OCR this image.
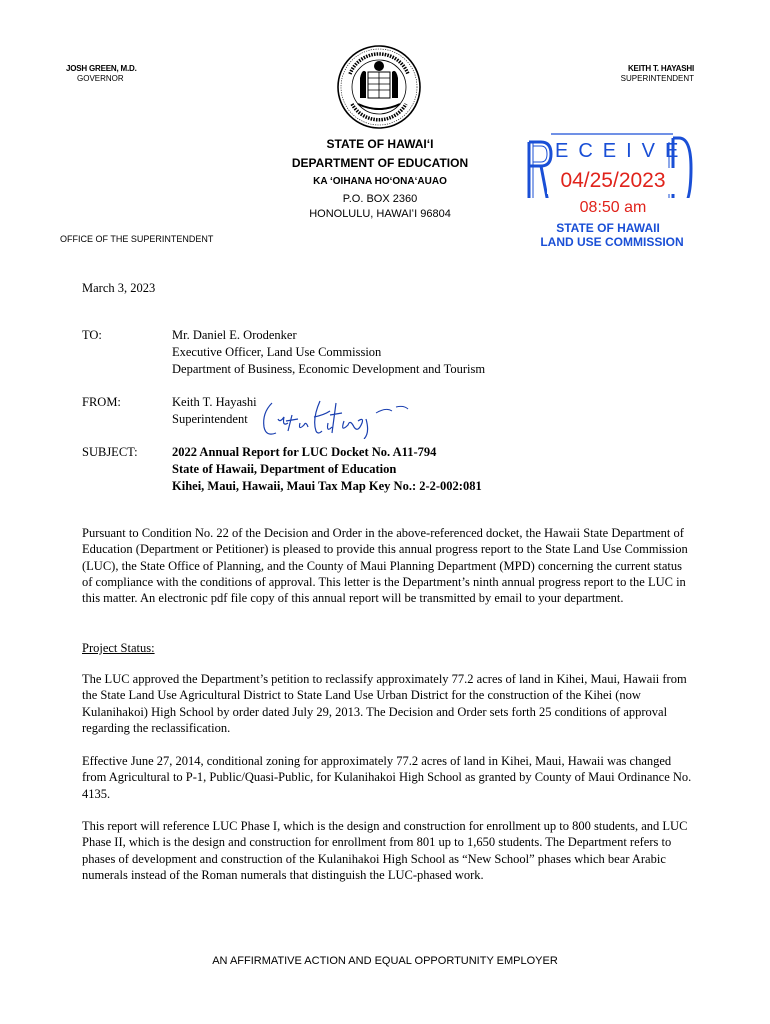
JOSH GREEN, M.D.
GOVERNOR
KEITH T. HAYASHI
SUPERINTENDENT
STATE OF HAWAIʻI
DEPARTMENT OF EDUCATION
KA ʻOIHANA HOʻONAʻAUAO
P.O. BOX 2360
HONOLULU, HAWAIʻI 96804
OFFICE OF THE SUPERINTENDENT
ECEIVE
04/25/2023
08:50 am
STATE OF HAWAII
LAND USE COMMISSION
March 3, 2023
TO:	Mr. Daniel E. Orodenker
Executive Officer, Land Use Commission
Department of Business, Economic Development and Tourism
FROM:	Keith T. Hayashi
Superintendent
SUBJECT:	2022 Annual Report for LUC Docket No. A11-794
State of Hawaii, Department of Education
Kihei, Maui, Hawaii, Maui Tax Map Key No.: 2-2-002:081
Pursuant to Condition No. 22 of the Decision and Order in the above-referenced docket, the Hawaii State Department of Education (Department or Petitioner) is pleased to provide this annual progress report to the State Land Use Commission (LUC), the State Office of Planning, and the County of Maui Planning Department (MPD) concerning the current status of compliance with the conditions of approval. This letter is the Department’s ninth annual progress report to the LUC in this matter. An electronic pdf file copy of this annual report will be transmitted by email to your department.
Project Status:
The LUC approved the Department’s petition to reclassify approximately 77.2 acres of land in Kihei, Maui, Hawaii from the State Land Use Agricultural District to State Land Use Urban District for the construction of the Kihei (now Kulanihakoi) High School by order dated July 29, 2013. The Decision and Order sets forth 25 conditions of approval regarding the reclassification.
Effective June 27, 2014, conditional zoning for approximately 77.2 acres of land in Kihei, Maui, Hawaii was changed from Agricultural to P-1, Public/Quasi-Public, for Kulanihakoi High School as granted by County of Maui Ordinance No. 4135.
This report will reference LUC Phase I, which is the design and construction for enrollment up to 800 students, and LUC Phase II, which is the design and construction for enrollment from 801 up to 1,650 students. The Department refers to phases of development and construction of the Kulanihakoi High School as “New School” phases which bear Arabic numerals instead of the Roman numerals that distinguish the LUC-phased work.
AN AFFIRMATIVE ACTION AND EQUAL OPPORTUNITY EMPLOYER
